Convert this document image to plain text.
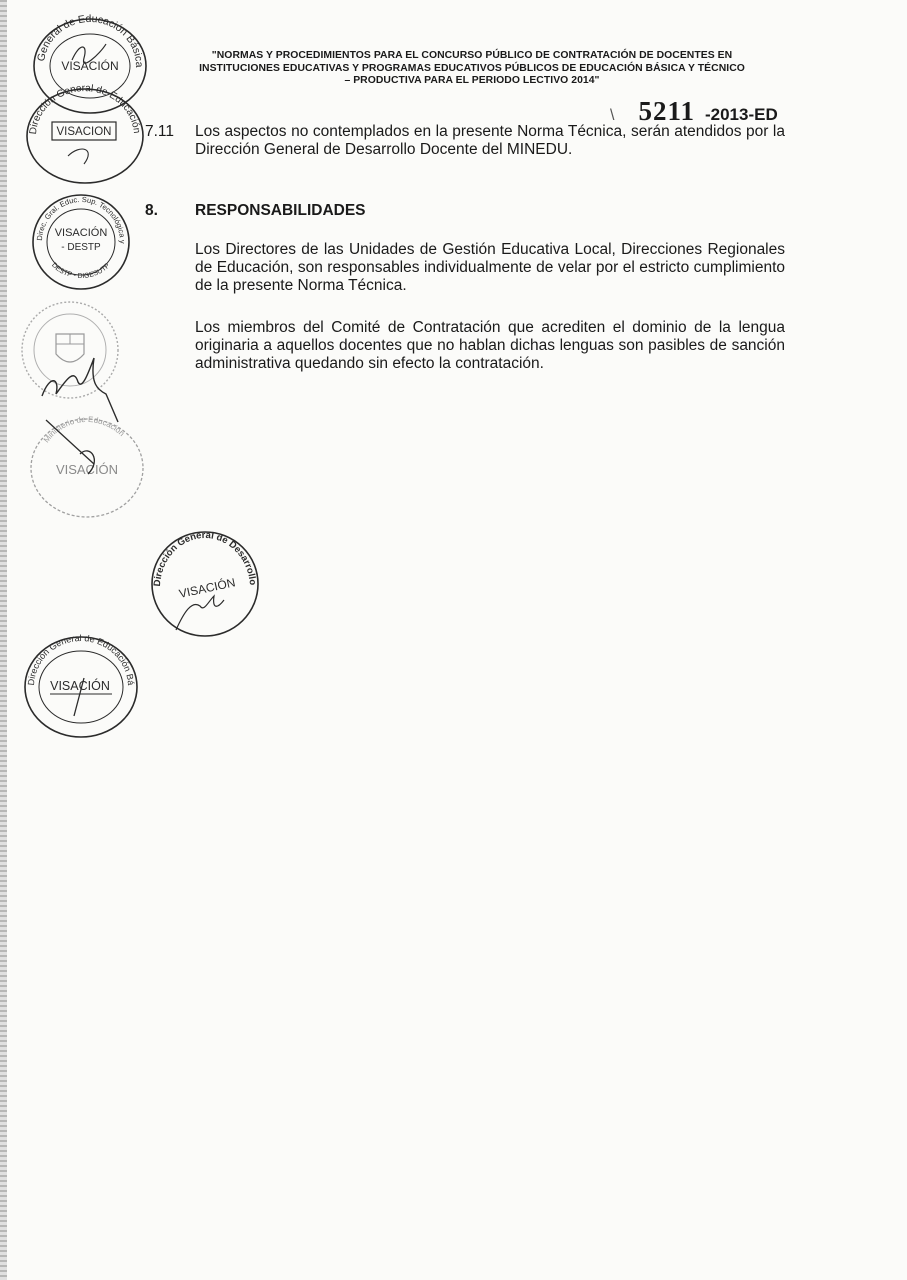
"NORMAS Y PROCEDIMIENTOS PARA EL CONCURSO PÚBLICO DE CONTRATACIÓN DE DOCENTES EN
INSTITUCIONES EDUCATIVAS Y PROGRAMAS EDUCATIVOS PÚBLICOS DE EDUCACIÓN BÁSICA Y TÉCNICO
– PRODUCTIVA PARA EL PERIODO LECTIVO 2014"
\ 5211 -2013-ED
7.11 Los aspectos no contemplados en la presente Norma Técnica, serán atendidos por la Dirección General de Desarrollo Docente del MINEDU.

8. RESPONSABILIDADES

Los Directores de las Unidades de Gestión Educativa Local, Direcciones Regionales de Educación, son responsables individualmente de velar por el estricto cumplimiento de la presente Norma Técnica.

Los miembros del Comité de Contratación que acrediten el dominio de la lengua originaria a aquellos docentes que no hablan dichas lenguas son pasibles de sanción administrativa quedando sin efecto la contratación.

General de Educación Básica Regular
VISACIÓN
Dirección General de Educación Básica Especial
VISACION
Direc. Gral. Educ. Sup. Tecnológica y Técnico-Productiva
VISACIÓN
- DESTP
DESTP - DIGESUTP
Ministerio de Educación
VISACIÓN
Dirección General de Desarrollo Docente
VISACIÓN
Dirección General de Educación Básica Alternativa
VISACIÓN
